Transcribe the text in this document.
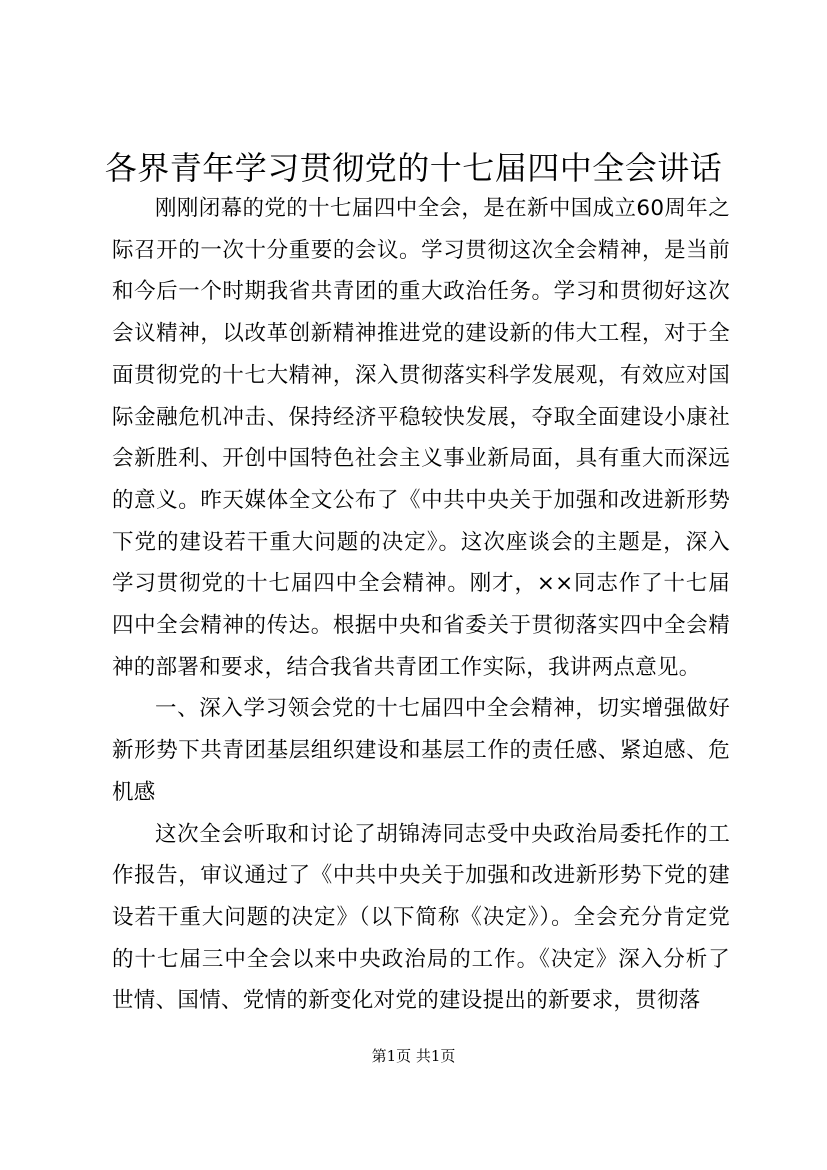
各界青年学习贯彻党的十七届四中全会讲话

刚刚闭幕的党的十七届四中全会，是在新中国成立60周年之际召开的一次十分重要的会议。学习贯彻这次全会精神，是当前和今后一个时期我省共青团的重大政治任务。学习和贯彻好这次会议精神，以改革创新精神推进党的建设新的伟大工程，对于全面贯彻党的十七大精神，深入贯彻落实科学发展观，有效应对国际金融危机冲击、保持经济平稳较快发展，夺取全面建设小康社会新胜利、开创中国特色社会主义事业新局面，具有重大而深远的意义。昨天媒体全文公布了《中共中央关于加强和改进新形势下党的建设若干重大问题的决定》。这次座谈会的主题是，深入学习贯彻党的十七届四中全会精神。刚才，××同志作了十七届四中全会精神的传达。根据中央和省委关于贯彻落实四中全会精神的部署和要求，结合我省共青团工作实际，我讲两点意见。

一、深入学习领会党的十七届四中全会精神，切实增强做好新形势下共青团基层组织建设和基层工作的责任感、紧迫感、危机感

这次全会听取和讨论了胡锦涛同志受中央政治局委托作的工作报告，审议通过了《中共中央关于加强和改进新形势下党的建设若干重大问题的决定》（以下简称《决定》）。全会充分肯定党的十七届三中全会以来中央政治局的工作。《决定》深入分析了世情、国情、党情的新变化对党的建设提出的新要求，贯彻落

第1页 共1页
